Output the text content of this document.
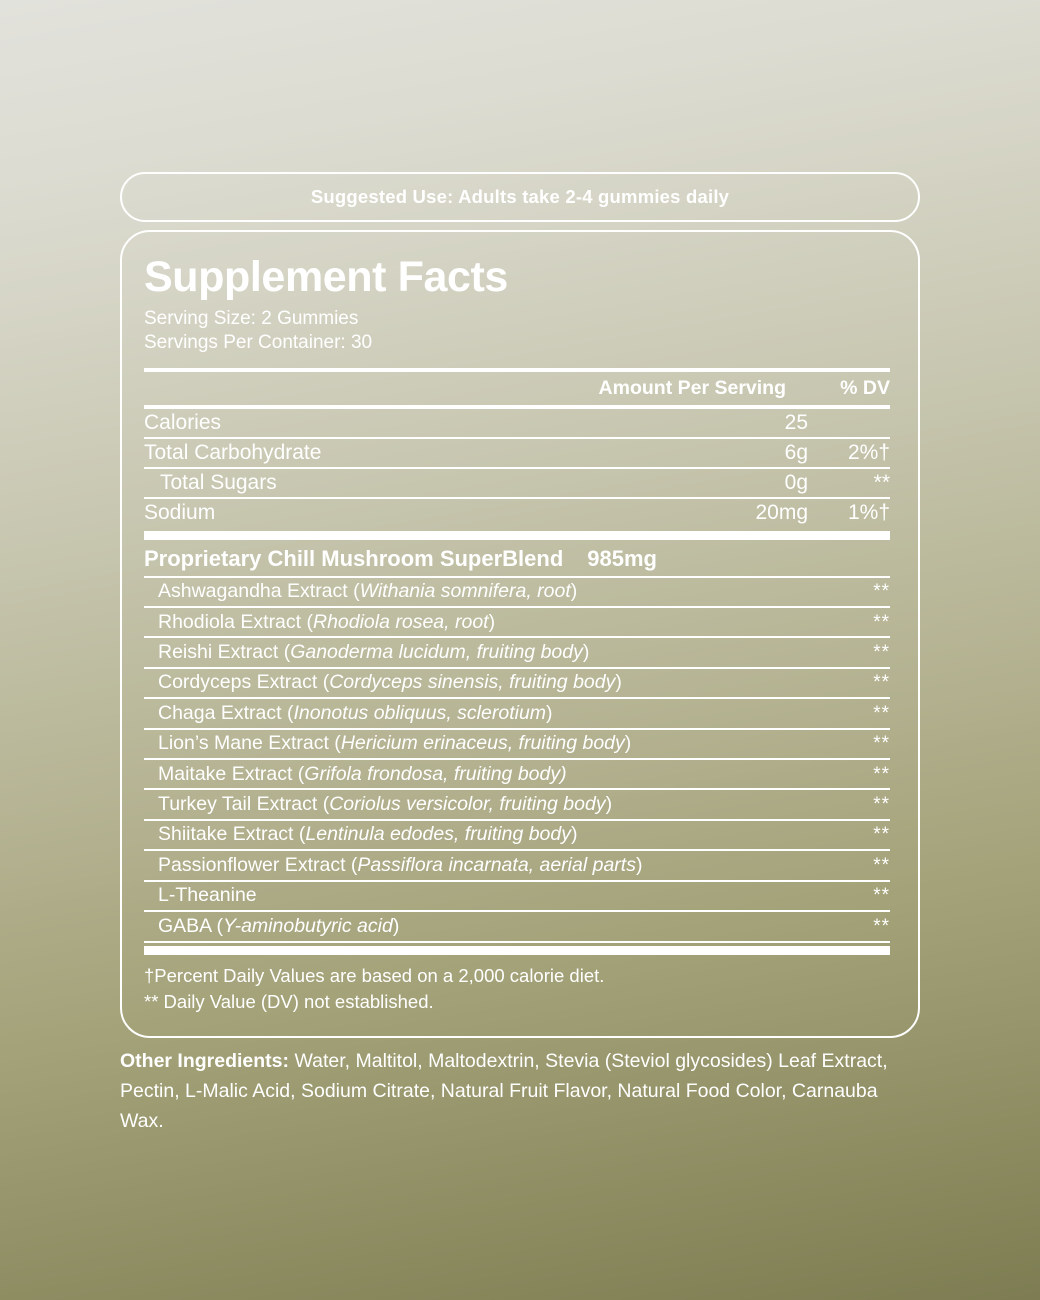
Suggested Use: Adults take 2-4 gummies daily
Supplement Facts
Serving Size: 2 Gummies
Servings Per Container: 30
Amount Per Serving	% DV
Calories	25
Total Carbohydrate	6g	2%†
Total Sugars	0g	**
Sodium	20mg	1%†
Proprietary Chill Mushroom SuperBlend	985mg
Ashwagandha Extract (Withania somnifera, root)	**
Rhodiola Extract (Rhodiola rosea, root)	**
Reishi Extract (Ganoderma lucidum, fruiting body)	**
Cordyceps Extract (Cordyceps sinensis, fruiting body)	**
Chaga Extract (Inonotus obliquus, sclerotium)	**
Lion’s Mane Extract (Hericium erinaceus, fruiting body)	**
Maitake Extract (Grifola frondosa, fruiting body)	**
Turkey Tail Extract (Coriolus versicolor, fruiting body)	**
Shiitake Extract (Lentinula edodes, fruiting body)	**
Passionflower Extract (Passiflora incarnata, aerial parts)	**
L-Theanine	**
GABA (Y-aminobutyric acid)	**
†Percent Daily Values are based on a 2,000 calorie diet.
** Daily Value (DV) not established.
Other Ingredients: Water, Maltitol, Maltodextrin, Stevia (Steviol glycosides) Leaf Extract, Pectin, L-Malic Acid, Sodium Citrate, Natural Fruit Flavor, Natural Food Color, Carnauba Wax.
